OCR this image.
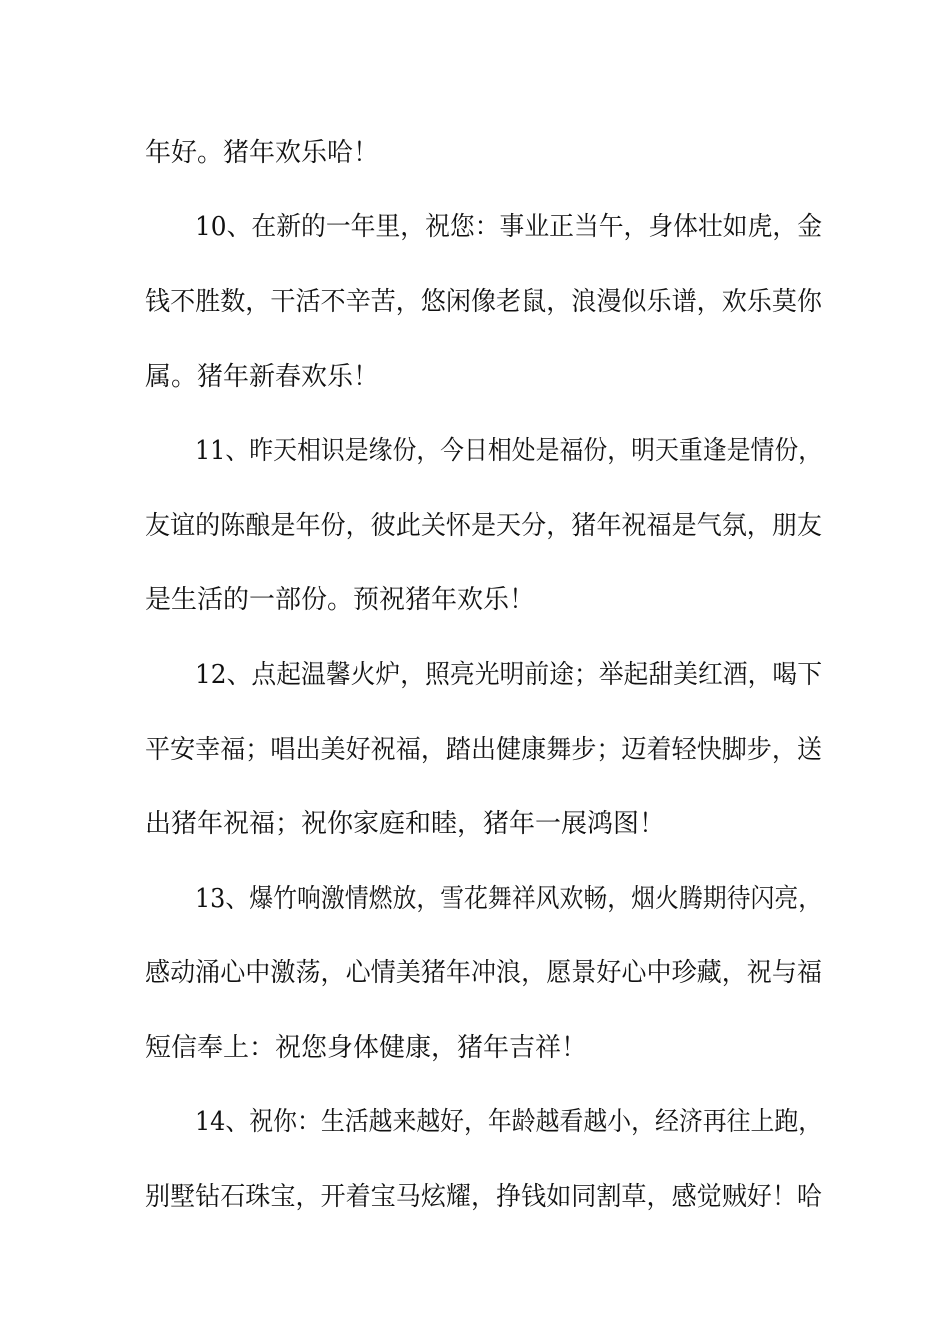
年好。猪年欢乐哈！
10、在新的一年里，祝您：事业正当午，身体壮如虎，金
钱不胜数，干活不辛苦，悠闲像老鼠，浪漫似乐谱，欢乐莫你
属。猪年新春欢乐！
11、昨天相识是缘份，今日相处是福份，明天重逢是情份，
友谊的陈酿是年份，彼此关怀是天分，猪年祝福是气氛，朋友
是生活的一部份。预祝猪年欢乐！
12、点起温馨火炉，照亮光明前途；举起甜美红酒，喝下
平安幸福；唱出美好祝福，踏出健康舞步；迈着轻快脚步，送
出猪年祝福；祝你家庭和睦，猪年一展鸿图！
13、爆竹响激情燃放，雪花舞祥风欢畅，烟火腾期待闪亮，
感动涌心中激荡，心情美猪年冲浪，愿景好心中珍藏，祝与福
短信奉上：祝您身体健康，猪年吉祥！
14、祝你：生活越来越好，年龄越看越小，经济再往上跑，
别墅钻石珠宝，开着宝马炫耀，挣钱如同割草，感觉贼好！哈
